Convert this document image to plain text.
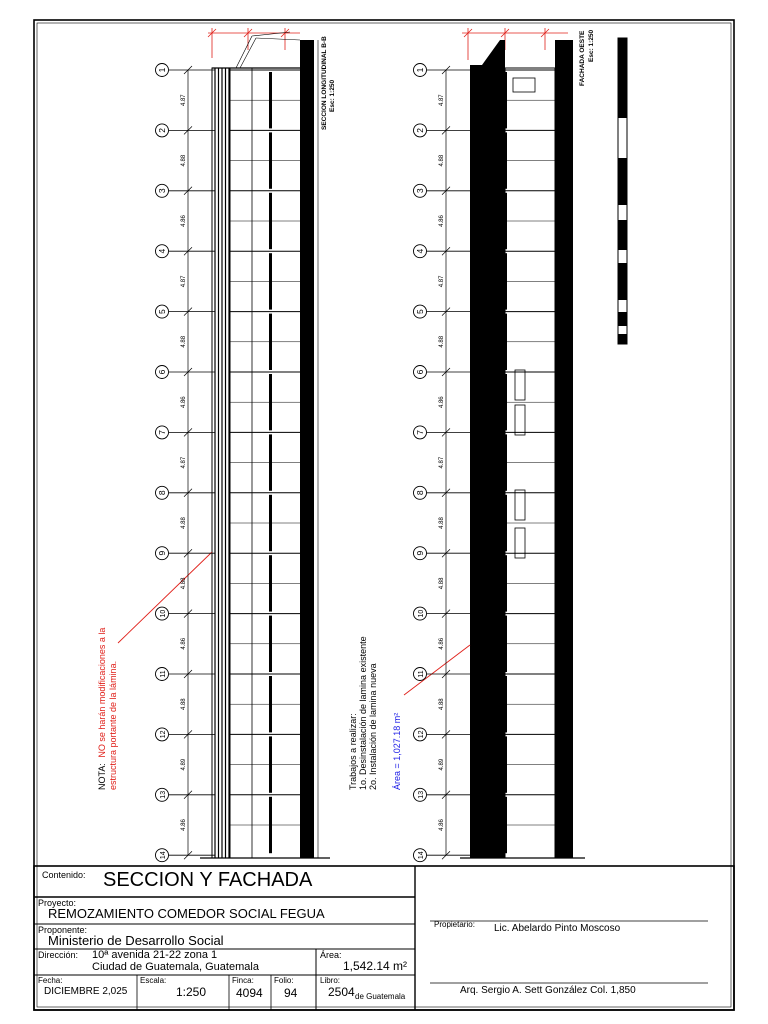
SECCION LONGITUDINAL B-B Esc: 1:250
NOTA: NO se harán modificaciones a la estructura portante de la lámina.
FACHADA OESTE Esc: 1:250
Trabajos a realizar: 1o. Desinstalación de lamina existente 2o. Instalación de lamina nueva Área = 1,027.18 m²
1
4.87
2
4.88
3
4.86
4
4.87
5
4.88
6
4.86
7
4.87
8
4.88
9
4.88
10
4.86
11
4.88
12
4.89
13
4.86
14
1
4.87
2
4.88
3
4.86
4
4.87
5
4.88
6
4.86
7
4.87
8
4.88
9
4.88
10
4.86
11
4.88
12
4.89
13
4.86
14
Contenido: SECCION Y FACHADA
Proyecto:
REMOZAMIENTO COMEDOR SOCIAL FEGUA
Proponente:
Ministerio de Desarrollo Social
Dirección: 10ª avenida 21-22 zona 1
Ciudad de Guatemala, Guatemala
Área:
1,542.14 m²
Fecha:
DICIEMBRE 2,025
Escala:
1:250
Finca:
4094
Folio:
94
Libro:
2504 de Guatemala
Propietario: Lic. Abelardo Pinto Moscoso
Arq. Sergio A. Sett González Col. 1,850
